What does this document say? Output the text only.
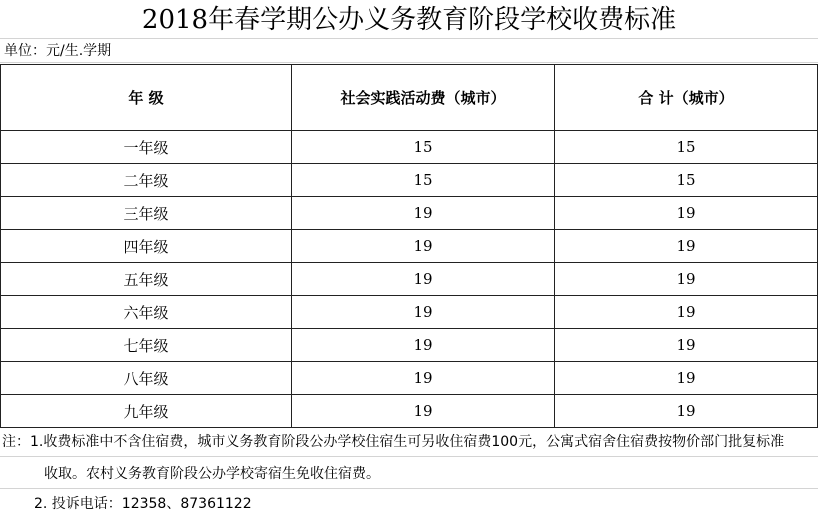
2018年春学期公办义务教育阶段学校收费标准
单位：元/生.学期
年 级	社会实践活动费（城市）	合 计（城市）
一年级	15	15
二年级	15	15
三年级	19	19
四年级	19	19
五年级	19	19
六年级	19	19
七年级	19	19
八年级	19	19
九年级	19	19
注：1.收费标准中不含住宿费，城市义务教育阶段公办学校住宿生可另收住宿费100元，公寓式宿舍住宿费按物价部门批复标准
收取。农村义务教育阶段公办学校寄宿生免收住宿费。
2. 投诉电话：12358、87361122
